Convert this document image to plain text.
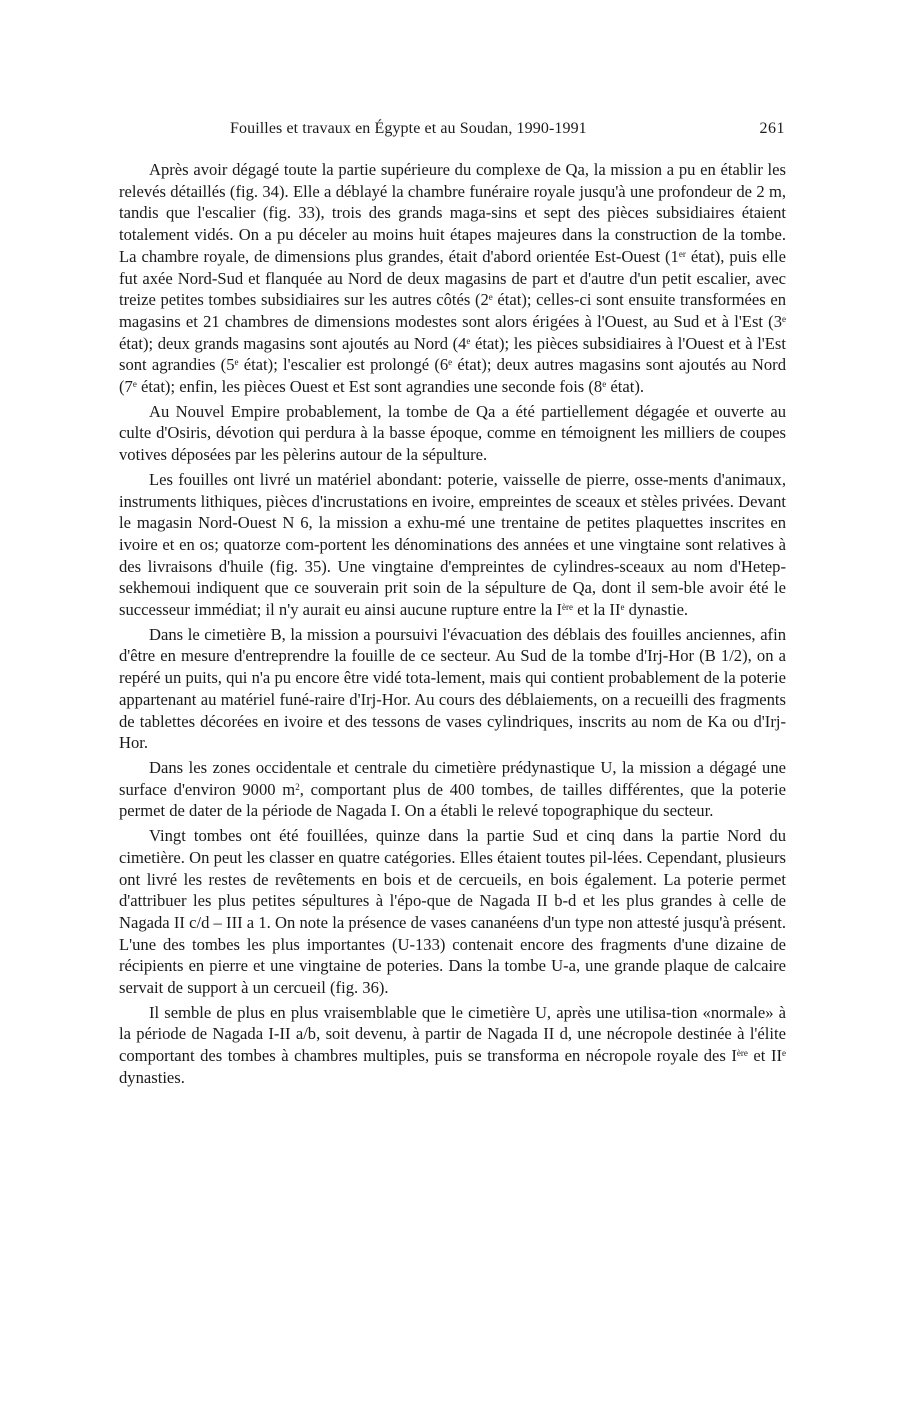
Fouilles et travaux en Égypte et au Soudan, 1990-1991	261

Après avoir dégagé toute la partie supérieure du complexe de Qa, la mission a pu en établir les relevés détaillés (fig. 34). Elle a déblayé la chambre funéraire royale jusqu'à une profondeur de 2 m, tandis que l'escalier (fig. 33), trois des grands maga-sins et sept des pièces subsidiaires étaient totalement vidés. On a pu déceler au moins huit étapes majeures dans la construction de la tombe. La chambre royale, de dimensions plus grandes, était d'abord orientée Est-Ouest (1er état), puis elle fut axée Nord-Sud et flanquée au Nord de deux magasins de part et d'autre d'un petit escalier, avec treize petites tombes subsidiaires sur les autres côtés (2e état); celles-ci sont ensuite transformées en magasins et 21 chambres de dimensions modestes sont alors érigées à l'Ouest, au Sud et à l'Est (3e état); deux grands magasins sont ajoutés au Nord (4e état); les pièces subsidiaires à l'Ouest et à l'Est sont agrandies (5e état); l'escalier est prolongé (6e état); deux autres magasins sont ajoutés au Nord (7e état); enfin, les pièces Ouest et Est sont agrandies une seconde fois (8e état).

Au Nouvel Empire probablement, la tombe de Qa a été partiellement dégagée et ouverte au culte d'Osiris, dévotion qui perdura à la basse époque, comme en témoignent les milliers de coupes votives déposées par les pèlerins autour de la sépulture.

Les fouilles ont livré un matériel abondant: poterie, vaisselle de pierre, osse-ments d'animaux, instruments lithiques, pièces d'incrustations en ivoire, empreintes de sceaux et stèles privées. Devant le magasin Nord-Ouest N 6, la mission a exhu-mé une trentaine de petites plaquettes inscrites en ivoire et en os; quatorze com-portent les dénominations des années et une vingtaine sont relatives à des livraisons d'huile (fig. 35). Une vingtaine d'empreintes de cylindres-sceaux au nom d'Hetep-sekhemoui indiquent que ce souverain prit soin de la sépulture de Qa, dont il sem-ble avoir été le successeur immédiat; il n'y aurait eu ainsi aucune rupture entre la Ière et la IIe dynastie.

Dans le cimetière B, la mission a poursuivi l'évacuation des déblais des fouilles anciennes, afin d'être en mesure d'entreprendre la fouille de ce secteur. Au Sud de la tombe d'Irj-Hor (B 1/2), on a repéré un puits, qui n'a pu encore être vidé tota-lement, mais qui contient probablement de la poterie appartenant au matériel funé-raire d'Irj-Hor. Au cours des déblaiements, on a recueilli des fragments de tablettes décorées en ivoire et des tessons de vases cylindriques, inscrits au nom de Ka ou d'Irj-Hor.

Dans les zones occidentale et centrale du cimetière prédynastique U, la mission a dégagé une surface d'environ 9000 $m^2$, comportant plus de 400 tombes, de tailles différentes, que la poterie permet de dater de la période de Nagada I. On a établi le relevé topographique du secteur.

Vingt tombes ont été fouillées, quinze dans la partie Sud et cinq dans la partie Nord du cimetière. On peut les classer en quatre catégories. Elles étaient toutes pil-lées. Cependant, plusieurs ont livré les restes de revêtements en bois et de cercueils, en bois également. La poterie permet d'attribuer les plus petites sépultures à l'épo-que de Nagada II b-d et les plus grandes à celle de Nagada II c/d – III a 1. On note la présence de vases cananéens d'un type non attesté jusqu'à présent. L'une des tombes les plus importantes (U-133) contenait encore des fragments d'une dizaine de récipients en pierre et une vingtaine de poteries. Dans la tombe U-a, une grande plaque de calcaire servait de support à un cercueil (fig. 36).

Il semble de plus en plus vraisemblable que le cimetière U, après une utilisa-tion «normale» à la période de Nagada I-II a/b, soit devenu, à partir de Nagada II d, une nécropole destinée à l'élite comportant des tombes à chambres multiples, puis se transforma en nécropole royale des Ière et IIe dynasties.
